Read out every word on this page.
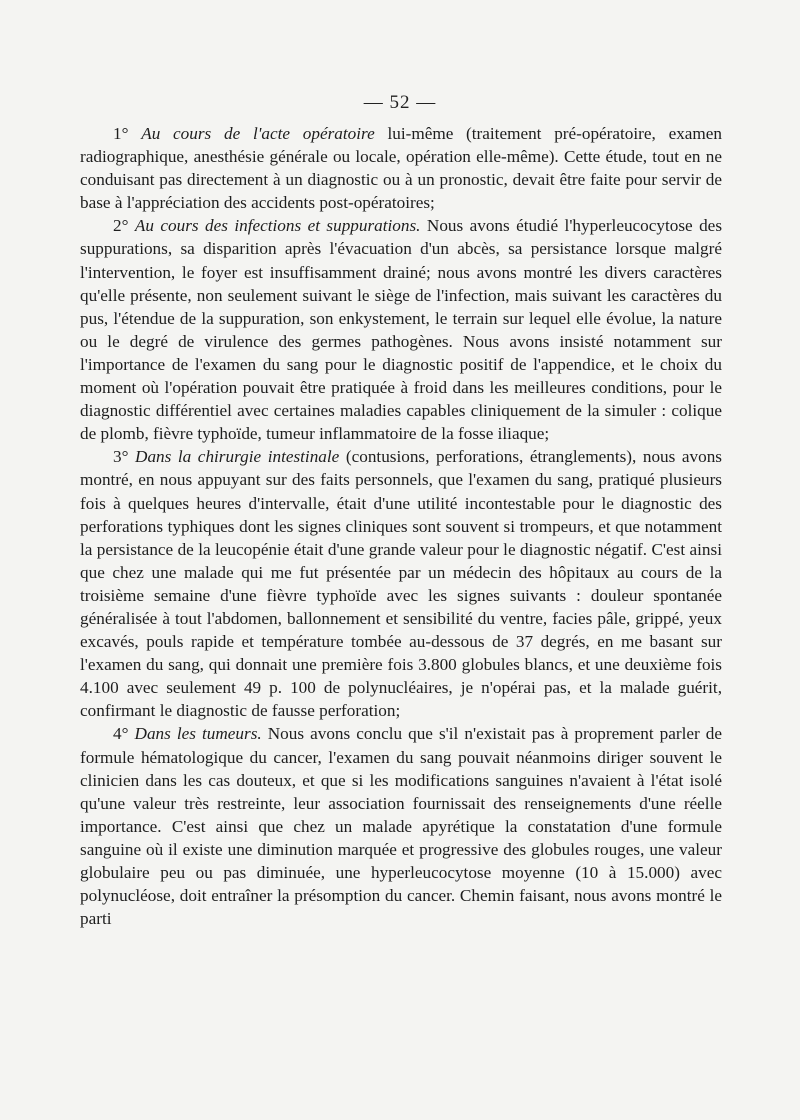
— 52 —

1° Au cours de l'acte opératoire lui-même (traitement pré-opératoire, examen radiographique, anesthésie générale ou locale, opération elle-même). Cette étude, tout en ne conduisant pas directement à un diagnostic ou à un pronostic, devait être faite pour servir de base à l'appréciation des accidents post-opératoires;

2° Au cours des infections et suppurations. Nous avons étudié l'hyperleucocytose des suppurations, sa disparition après l'évacuation d'un abcès, sa persistance lorsque malgré l'intervention, le foyer est insuffisamment drainé; nous avons montré les divers caractères qu'elle présente, non seulement suivant le siège de l'infection, mais suivant les caractères du pus, l'étendue de la suppuration, son enkystement, le terrain sur lequel elle évolue, la nature ou le degré de virulence des germes pathogènes. Nous avons insisté notamment sur l'importance de l'examen du sang pour le diagnostic positif de l'appendice, et le choix du moment où l'opération pouvait être pratiquée à froid dans les meilleures conditions, pour le diagnostic différentiel avec certaines maladies capables cliniquement de la simuler : colique de plomb, fièvre typhoïde, tumeur inflammatoire de la fosse iliaque;

3° Dans la chirurgie intestinale (contusions, perforations, étranglements), nous avons montré, en nous appuyant sur des faits personnels, que l'examen du sang, pratiqué plusieurs fois à quelques heures d'intervalle, était d'une utilité incontestable pour le diagnostic des perforations typhiques dont les signes cliniques sont souvent si trompeurs, et que notamment la persistance de la leucopénie était d'une grande valeur pour le diagnostic négatif. C'est ainsi que chez une malade qui me fut présentée par un médecin des hôpitaux au cours de la troisième semaine d'une fièvre typhoïde avec les signes suivants : douleur spontanée généralisée à tout l'abdomen, ballonnement et sensibilité du ventre, facies pâle, grippé, yeux excavés, pouls rapide et température tombée au-dessous de 37 degrés, en me basant sur l'examen du sang, qui donnait une première fois 3.800 globules blancs, et une deuxième fois 4.100 avec seulement 49 p. 100 de polynucléaires, je n'opérai pas, et la malade guérit, confirmant le diagnostic de fausse perforation;

4° Dans les tumeurs. Nous avons conclu que s'il n'existait pas à proprement parler de formule hématologique du cancer, l'examen du sang pouvait néanmoins diriger souvent le clinicien dans les cas douteux, et que si les modifications sanguines n'avaient à l'état isolé qu'une valeur très restreinte, leur association fournissait des renseignements d'une réelle importance. C'est ainsi que chez un malade apyrétique la constatation d'une formule sanguine où il existe une diminution marquée et progressive des globules rouges, une valeur globulaire peu ou pas diminuée, une hyperleucocytose moyenne (10 à 15.000) avec polynucléose, doit entraîner la présomption du cancer. Chemin faisant, nous avons montré le parti
